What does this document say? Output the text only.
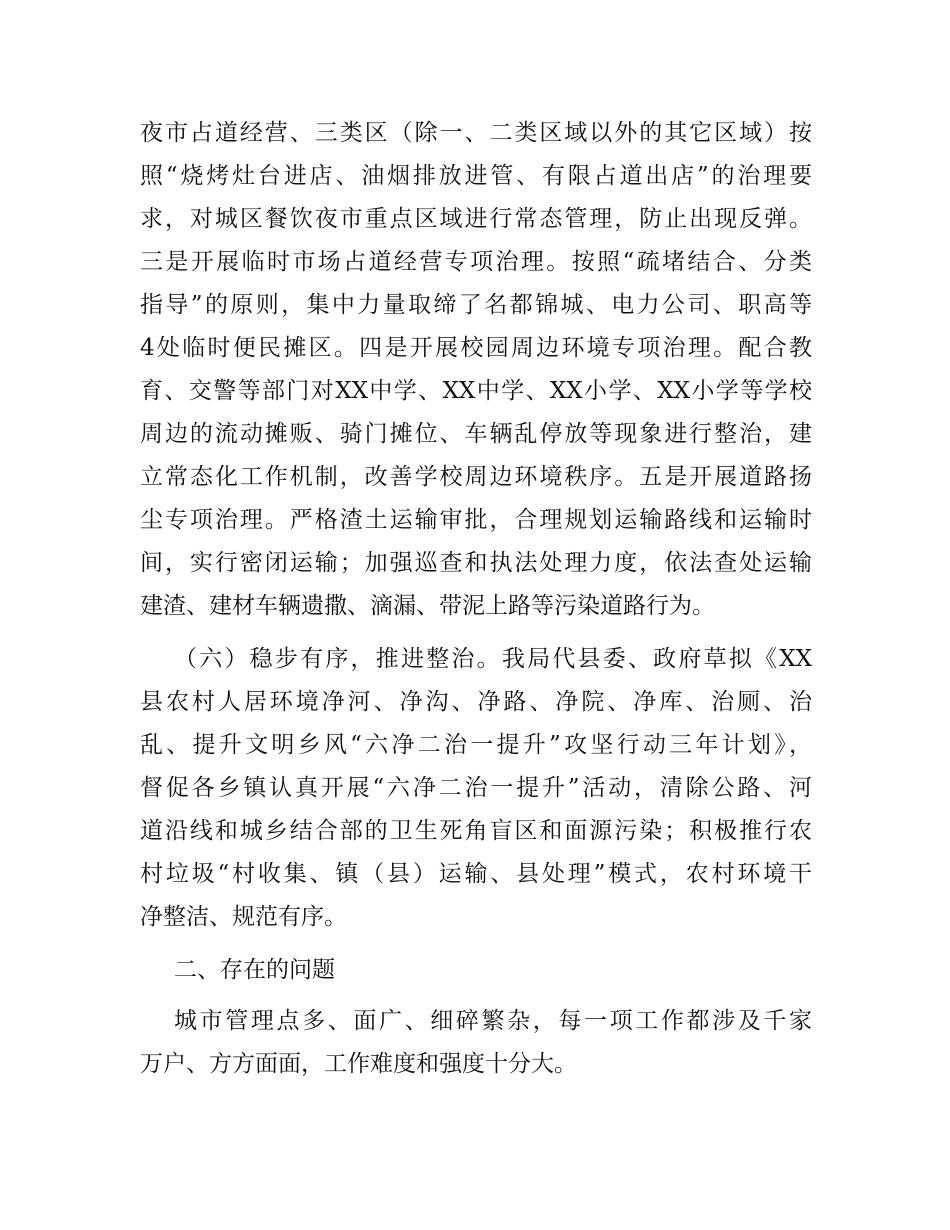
夜市占道经营、三类区（除一、二类区域以外的其它区域）按
照“烧烤灶台进店、油烟排放进管、有限占道出店”的治理要
求，对城区餐饮夜市重点区域进行常态管理，防止出现反弹。
三是开展临时市场占道经营专项治理。按照“疏堵结合、分类
指导”的原则，集中力量取缔了名都锦城、电力公司、职高等
4处临时便民摊区。四是开展校园周边环境专项治理。配合教
育、交警等部门对XX中学、XX中学、XX小学、XX小学等学校
周边的流动摊贩、骑门摊位、车辆乱停放等现象进行整治，建
立常态化工作机制，改善学校周边环境秩序。五是开展道路扬
尘专项治理。严格渣土运输审批，合理规划运输路线和运输时
间，实行密闭运输；加强巡查和执法处理力度，依法查处运输
建渣、建材车辆遗撒、滴漏、带泥上路等污染道路行为。
（六）稳步有序，推进整治。我局代县委、政府草拟《XX
县农村人居环境净河、净沟、净路、净院、净库、治厕、治
乱、提升文明乡风“六净二治一提升”攻坚行动三年计划》，
督促各乡镇认真开展“六净二治一提升”活动，清除公路、河
道沿线和城乡结合部的卫生死角盲区和面源污染；积极推行农
村垃圾“村收集、镇（县）运输、县处理”模式，农村环境干
净整洁、规范有序。
二、存在的问题
城市管理点多、面广、细碎繁杂，每一项工作都涉及千家
万户、方方面面，工作难度和强度十分大。
